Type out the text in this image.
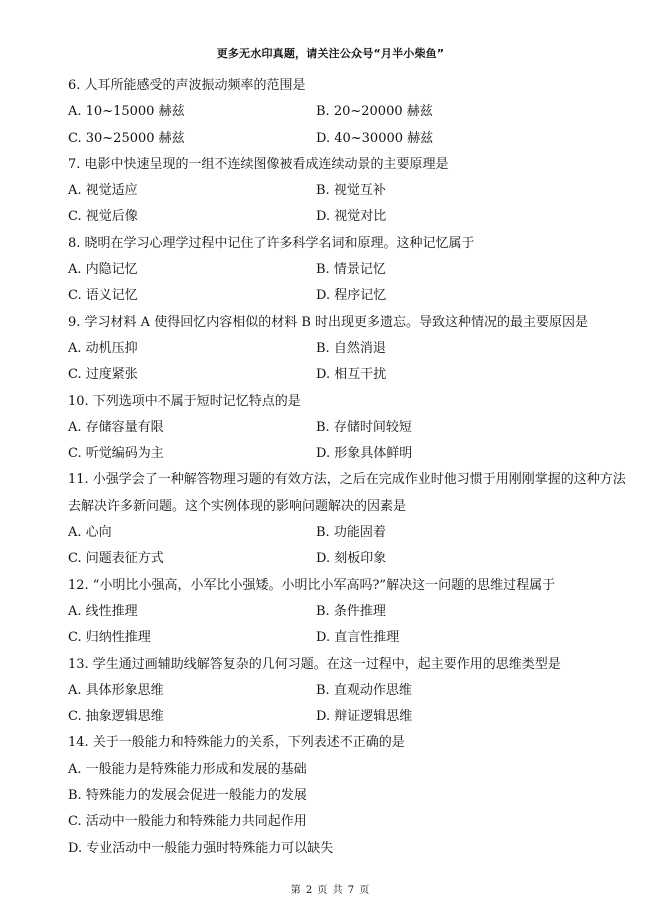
更多无水印真题，请关注公众号“月半小柴鱼”
6. 人耳所能感受的声波振动频率的范围是
A. 10~15000 赫兹	B. 20~20000 赫兹
C. 30~25000 赫兹	D. 40~30000 赫兹
7. 电影中快速呈现的一组不连续图像被看成连续动景的主要原理是
A. 视觉适应	B. 视觉互补
C. 视觉后像	D. 视觉对比
8. 晓明在学习心理学过程中记住了许多科学名词和原理。这种记忆属于
A. 内隐记忆	B. 情景记忆
C. 语义记忆	D. 程序记忆
9. 学习材料 A 使得回忆内容相似的材料 B 时出现更多遗忘。导致这种情况的最主要原因是
A. 动机压抑	B. 自然消退
C. 过度紧张	D. 相互干扰
10. 下列选项中不属于短时记忆特点的是
A. 存储容量有限	B. 存储时间较短
C. 听觉编码为主	D. 形象具体鲜明
11. 小强学会了一种解答物理习题的有效方法，之后在完成作业时他习惯于用刚刚掌握的这种方法去解决许多新问题。这个实例体现的影响问题解决的因素是
A. 心向	B. 功能固着
C. 问题表征方式	D. 刻板印象
12. “小明比小强高，小军比小强矮。小明比小军高吗?”解决这一问题的思维过程属于
A. 线性推理	B. 条件推理
C. 归纳性推理	D. 直言性推理
13. 学生通过画辅助线解答复杂的几何习题。在这一过程中，起主要作用的思维类型是
A. 具体形象思维	B. 直观动作思维
C. 抽象逻辑思维	D. 辩证逻辑思维
14. 关于一般能力和特殊能力的关系，下列表述不正确的是
A. 一般能力是特殊能力形成和发展的基础
B. 特殊能力的发展会促进一般能力的发展
C. 活动中一般能力和特殊能力共同起作用
D. 专业活动中一般能力强时特殊能力可以缺失
第 2 页 共 7 页
